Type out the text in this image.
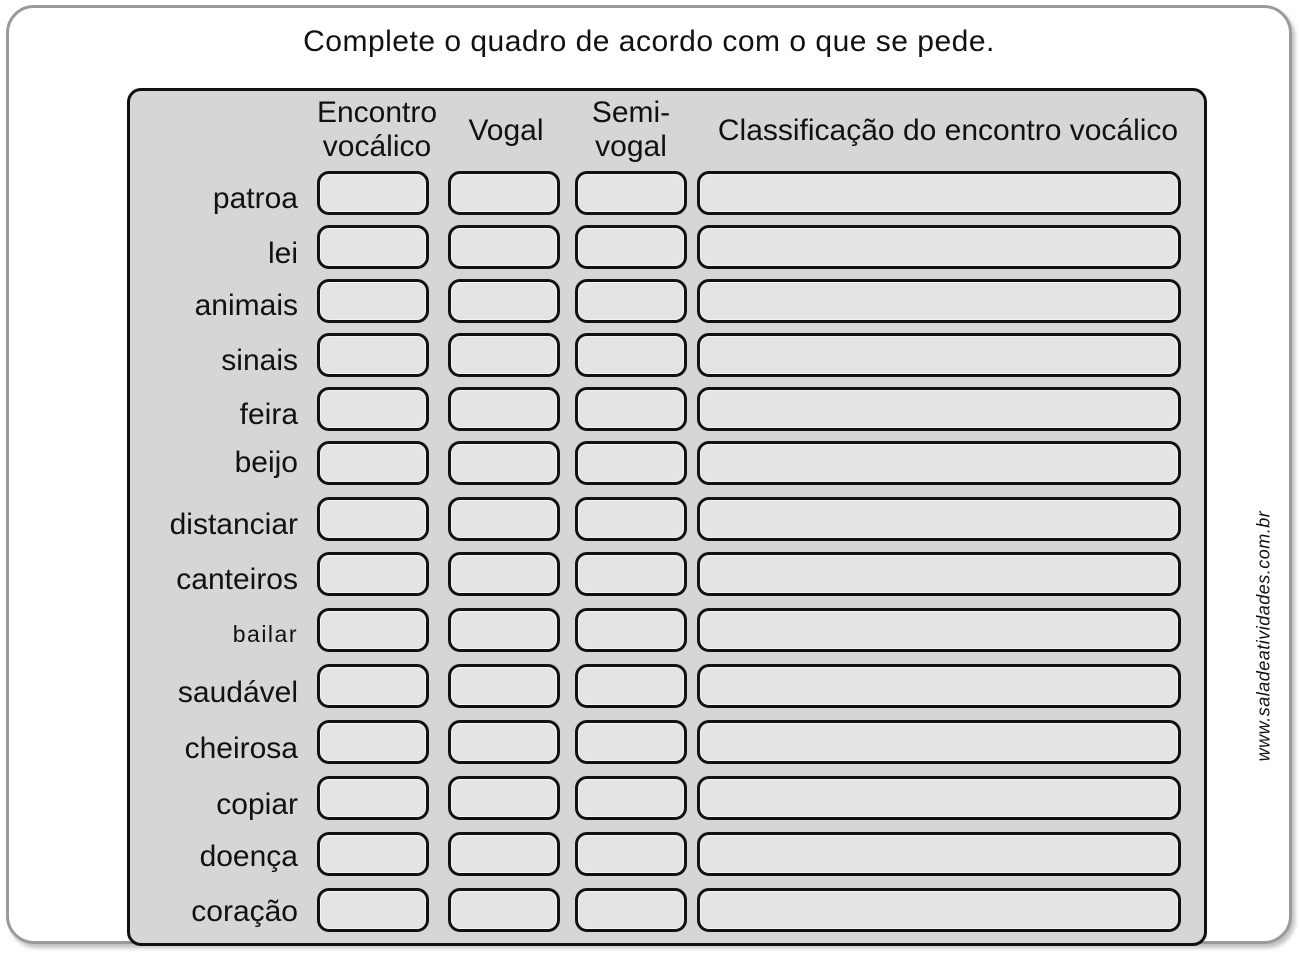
Complete o quadro de acordo com o que se pede.
Encontro
vocálico	Vogal
Semi-
vogal	Classificação do encontro vocálico
patroa
lei
animais
sinais
feira
beijo
distanciar
canteiros
bailar
saudável
cheirosa
copiar
doença
coração
www.saladeatividades.com.br
